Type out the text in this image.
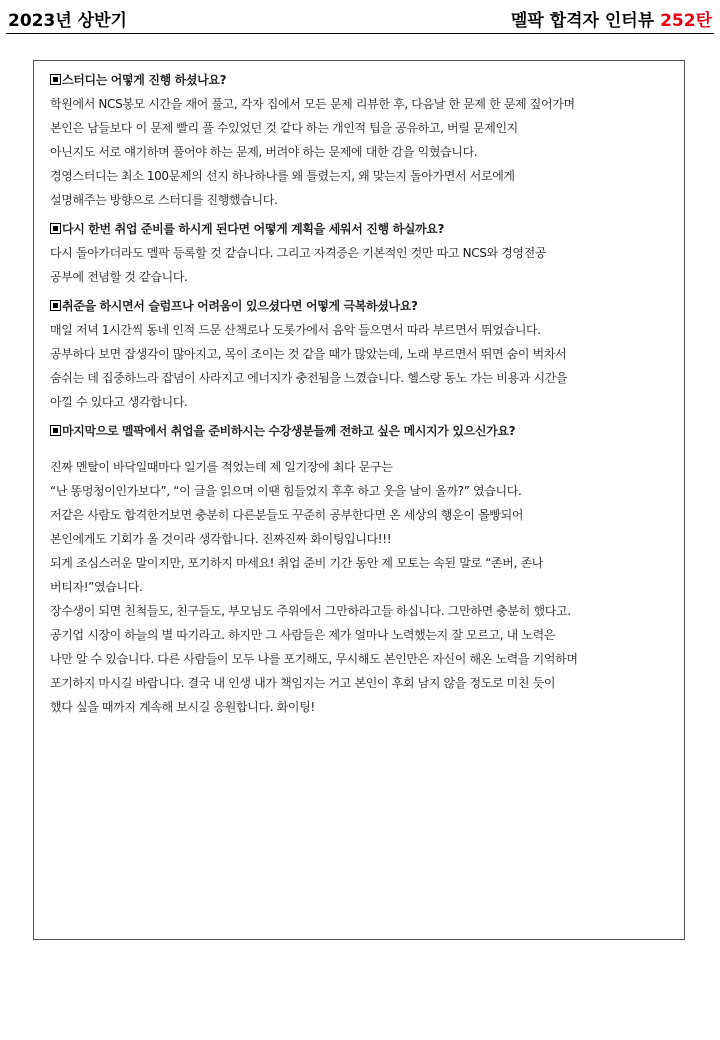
2023년 상반기	멜팍 합격자 인터뷰 252탄

스터디는 어떻게 진행 하셨나요?

학원에서 NCS봉모 시간을 재어 풀고, 각자 집에서 모든 문제 리뷰한 후, 다음날 한 문제 한 문제 짚어가며

본인은 남들보다 이 문제 빨리 풀 수있었던 것 같다 하는 개인적 팁을 공유하고, 버릴 문제인지

아닌지도 서로 얘기하며 풀어야 하는 문제, 버려야 하는 문제에 대한 감을 익혔습니다.

경영스터디는 최소 100문제의 선지 하나하나를 왜 틀렸는지, 왜 맞는지 돌아가면서 서로에게

설명해주는 방향으로 스터디를 진행했습니다.

다시 한번 취업 준비를 하시게 된다면 어떻게 계획을 세워서 진행 하실까요?

다시 돌아가더라도 멜팍 등록할 것 같습니다. 그리고 자격증은 기본적인 것만 따고 NCS와 경영전공

공부에 전념할 것 같습니다.

취준을 하시면서 슬럼프나 어려움이 있으셨다면 어떻게 극복하셨나요?

매일 저녁 1시간씩 동네 인적 드문 산책로나 도롯가에서 음악 들으면서 따라 부르면서 뛰었습니다.

공부하다 보면 잡생각이 많아지고, 목이 조이는 것 같을 때가 많았는데, 노래 부르면서 뛰면 숨이 벅차서

숨쉬는 데 집중하느라 잡념이 사라지고 에너지가 충전됨을 느꼈습니다. 헬스랑 동노 가는 비용과 시간을

아낄 수 있다고 생각합니다.

마지막으로 멜팍에서 취업을 준비하시는 수강생분들께 전하고 싶은 메시지가 있으신가요?

진짜 멘탈이 바닥일때마다 일기를 적었는데 제 일기장에 최다 문구는

“난 똥멍청이인가보다”, “이 글을 읽으며 이땐 힘들었지 후후 하고 웃을 날이 올까?” 였습니다.

저같은 사람도 합격한거보면 충분히 다른분들도 꾸준히 공부한다면 온 세상의 행운이 몰빵되어

본인에게도 기회가 올 것이라 생각합니다. 진짜진짜 화이팅입니다!!!

되게 조심스러운 말이지만, 포기하지 마세요! 취업 준비 기간 동안 제 모토는 속된 말로 “존버, 존나

버티자!”였습니다.

장수생이 되면 친척들도, 친구들도, 부모님도 주위에서 그만하라고들 하십니다. 그만하면 충분히 했다고.

공기업 시장이 하늘의 별 따기라고. 하지만 그 사람들은 제가 얼마나 노력했는지 잘 모르고, 내 노력은

나만 알 수 있습니다. 다른 사람들이 모두 나를 포기해도, 무시해도 본인만은 자신이 해온 노력을 기억하며

포기하지 마시길 바랍니다. 결국 내 인생 내가 책임지는 거고 본인이 후회 남지 않을 정도로 미친 듯이

했다 싶을 때까지 계속해 보시길 응원합니다. 화이팅!
